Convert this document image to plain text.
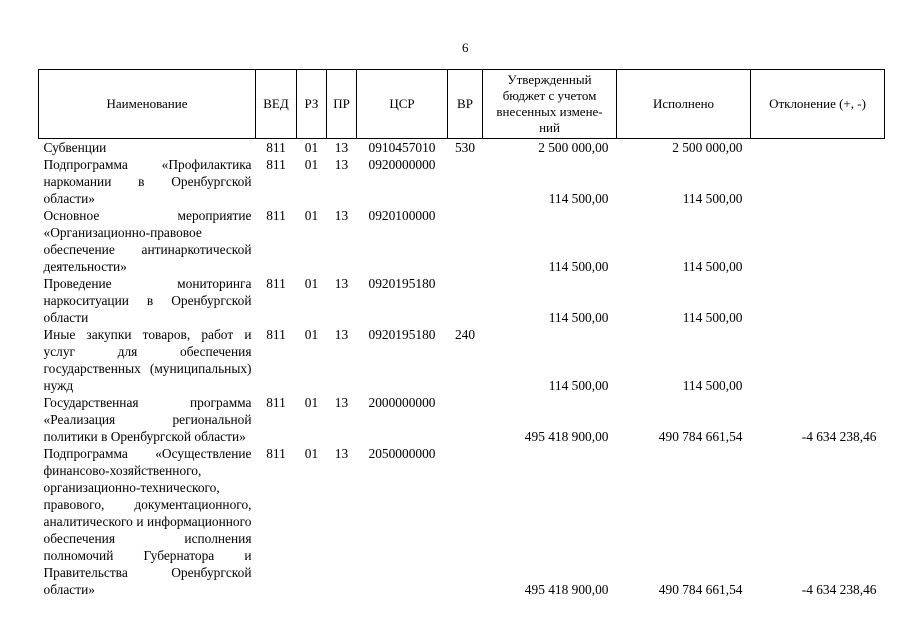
6
Наименование	ВЕД	РЗ	ПР	ЦСР	ВР	Утвержденный бюджет с учетом внесенных измене-ний	Исполнено	Отклонение (+, -)
Субвенции	811	01	13	0910457010	530	2 500 000,00	2 500 000,00	
Подпрограмма «Профилактика наркомании в Оренбургской области»	811	01	13	0920000000		114 500,00	114 500,00	
Основное мероприятие «Организационно-правовое обеспечение антинаркотической деятельности»	811	01	13	0920100000		114 500,00	114 500,00	
Проведение мониторинга наркоситуации в Оренбургской области	811	01	13	0920195180		114 500,00	114 500,00	
Иные закупки товаров, работ и услуг для обеспечения государственных (муниципальных) нужд	811	01	13	0920195180	240	114 500,00	114 500,00	
Государственная программа «Реализация региональной политики в Оренбургской области»	811	01	13	2000000000		495 418 900,00	490 784 661,54	-4 634 238,46
Подпрограмма «Осуществление финансово-хозяйственного, организационно-технического, правового, документационного, аналитического и информационного обеспечения исполнения полномочий Губернатора и Правительства Оренбургской области»	811	01	13	2050000000		495 418 900,00	490 784 661,54	-4 634 238,46
